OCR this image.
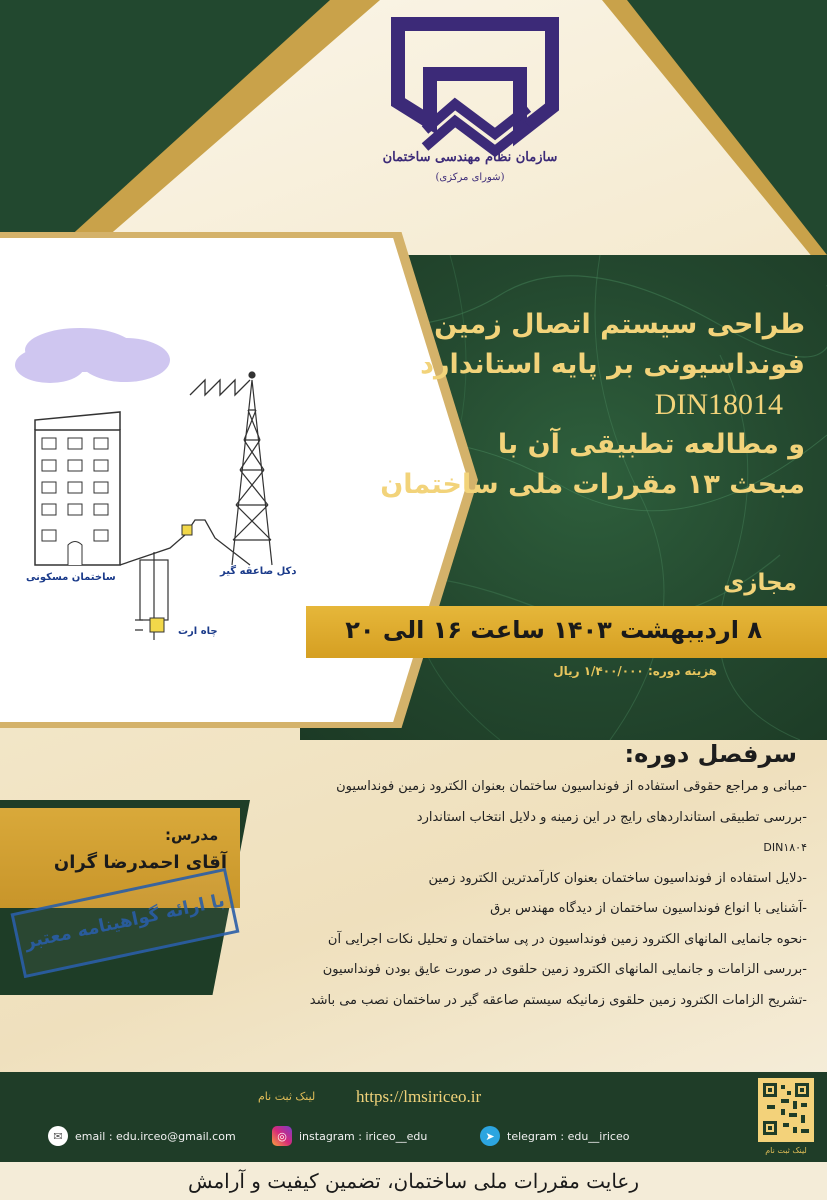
سازمان نظام مهندسی ساختمان
(شورای مرکزی)
ساختمان مسکونی
دکل صاعقه گیر
چاه ارت
طراحی سیستم اتصال زمین
فونداسیونی بر پایه استاندارد
DIN18014
و مطالعه تطبیقی آن با
مبحث ۱۳ مقررات ملی ساختمان
مجازی
۸ اردیبهشت ۱۴۰۳ ساعت ۱۶ الی ۲۰
هزینه دوره: ۱/۴۰۰/۰۰۰ ریال
سرفصل دوره:
-مبانی و مراجع حقوقی استفاده از فونداسیون ساختمان بعنوان الکترود زمین فونداسیون
-بررسی تطبیقی استانداردهای رایج در این زمینه و دلایل انتخاب استاندارد
DIN۱۸۰۴
-دلایل استفاده از فونداسیون ساختمان بعنوان کارآمدترین الکترود زمین
-آشنایی با انواع فونداسیون ساختمان از دیدگاه مهندس برق
-نحوه جانمایی المانهای الکترود زمین فونداسیون در پی ساختمان و تحلیل نکات اجرایی آن
-بررسی الزامات و جانمایی المانهای الکترود زمین حلقوی در صورت عایق بودن فونداسیون
-تشریح الزامات الکترود زمین حلقوی زمانیکه سیستم صاعقه گیر در ساختمان نصب می باشد
مدرس:
آقای احمدرضا گران
با ارائه گواهینامه معتبر
لینک ثبت نام https://lmsiriceo.ir
✉	email : edu.irceo@gmail.com	◎	instagram : iriceo__edu	➤	telegram : edu__iriceo
لینک ثبت نام
رعایت مقررات ملی ساختمان، تضمین کیفیت و آرامش
